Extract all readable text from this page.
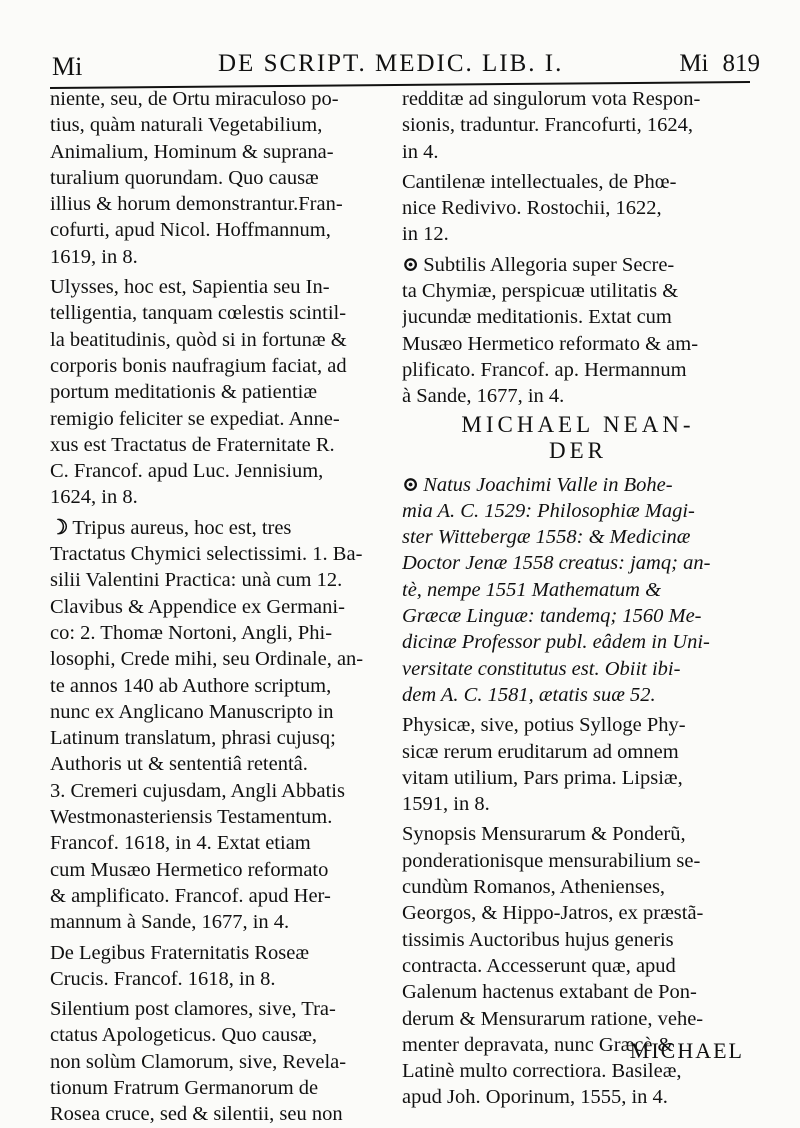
Mi	DE SCRIPT. MEDIC. LIB. I.	Mi 819
niente, seu, de Ortu miraculoso po-
tius, quàm naturali Vegetabilium,
Animalium, Hominum & suprana-
turalium quorundam. Quo causæ
illius & horum demonstrantur.Fran-
cofurti, apud Nicol. Hoffmannum,
1619, in 8.
Ulysses, hoc est, Sapientia seu In-
telligentia, tanquam cœlestis scintil-
la beatitudinis, quòd si in fortunæ &
corporis bonis naufragium faciat, ad
portum meditationis & patientiæ
remigio feliciter se expediat. Anne-
xus est Tractatus de Fraternitate R.
C. Francof. apud Luc. Jennisium,
1624, in 8.
☽ Tripus aureus, hoc est, tres
Tractatus Chymici selectissimi. 1. Ba-
silii Valentini Practica: unà cum 12.
Clavibus & Appendice ex Germani-
co: 2. Thomæ Nortoni, Angli, Phi-
losophi, Crede mihi, seu Ordinale, an-
te annos 140 ab Authore scriptum,
nunc ex Anglicano Manuscripto in
Latinum translatum, phrasi cujusq;
Authoris ut & sententiâ retentâ.
3. Cremeri cujusdam, Angli Abbatis
Westmonasteriensis Testamentum.
Francof. 1618, in 4. Extat etiam
cum Musæo Hermetico reformato
& amplificato. Francof. apud Her-
mannum à Sande, 1677, in 4.
De Legibus Fraternitatis Roseæ
Crucis. Francof. 1618, in 8.
Silentium post clamores, sive, Tra-
ctatus Apologeticus. Quo causæ,
non solùm Clamorum, sive, Revela-
tionum Fratrum Germanorum de
Rosea cruce, sed & silentii, seu non
redditæ ad singulorum vota Respon-
sionis, traduntur. Francofurti, 1624,
in 4.
Cantilenæ intellectuales, de Phœ-
nice Redivivo. Rostochii, 1622,
in 12.
⊙ Subtilis Allegoria super Secre-
ta Chymiæ, perspicuæ utilitatis &
jucundæ meditationis. Extat cum
Musæo Hermetico reformato & am-
plificato. Francof. ap. Hermannum
à Sande, 1677, in 4.
MICHAEL NEAN-
DER
⊙ Natus Joachimi Valle in Bohe-
mia A. C. 1529: Philosophiæ Magi-
ster Wittebergæ 1558: & Medicinæ
Doctor Jenæ 1558 creatus: jamq; an-
tè, nempe 1551 Mathematum &
Græcæ Linguæ: tandemq; 1560 Me-
dicinæ Professor publ. eâdem in Uni-
versitate constitutus est. Obiit ibi-
dem A. C. 1581, ætatis suæ 52.
Physicæ, sive, potius Sylloge Phy-
sicæ rerum eruditarum ad omnem
vitam utilium, Pars prima. Lipsiæ,
1591, in 8.
Synopsis Mensurarum & Ponderũ,
ponderationisque mensurabilium se-
cundùm Romanos, Athenienses,
Georgos, & Hippo-Jatros, ex præstã-
tissimis Auctoribus hujus generis
contracta. Accesserunt quæ, apud
Galenum hactenus extabant de Pon-
derum & Mensurarum ratione, vehe-
menter depravata, nunc Græcè &
Latinè multo correctiora. Basileæ,
apud Joh. Oporinum, 1555, in 4.
MICHAEL
